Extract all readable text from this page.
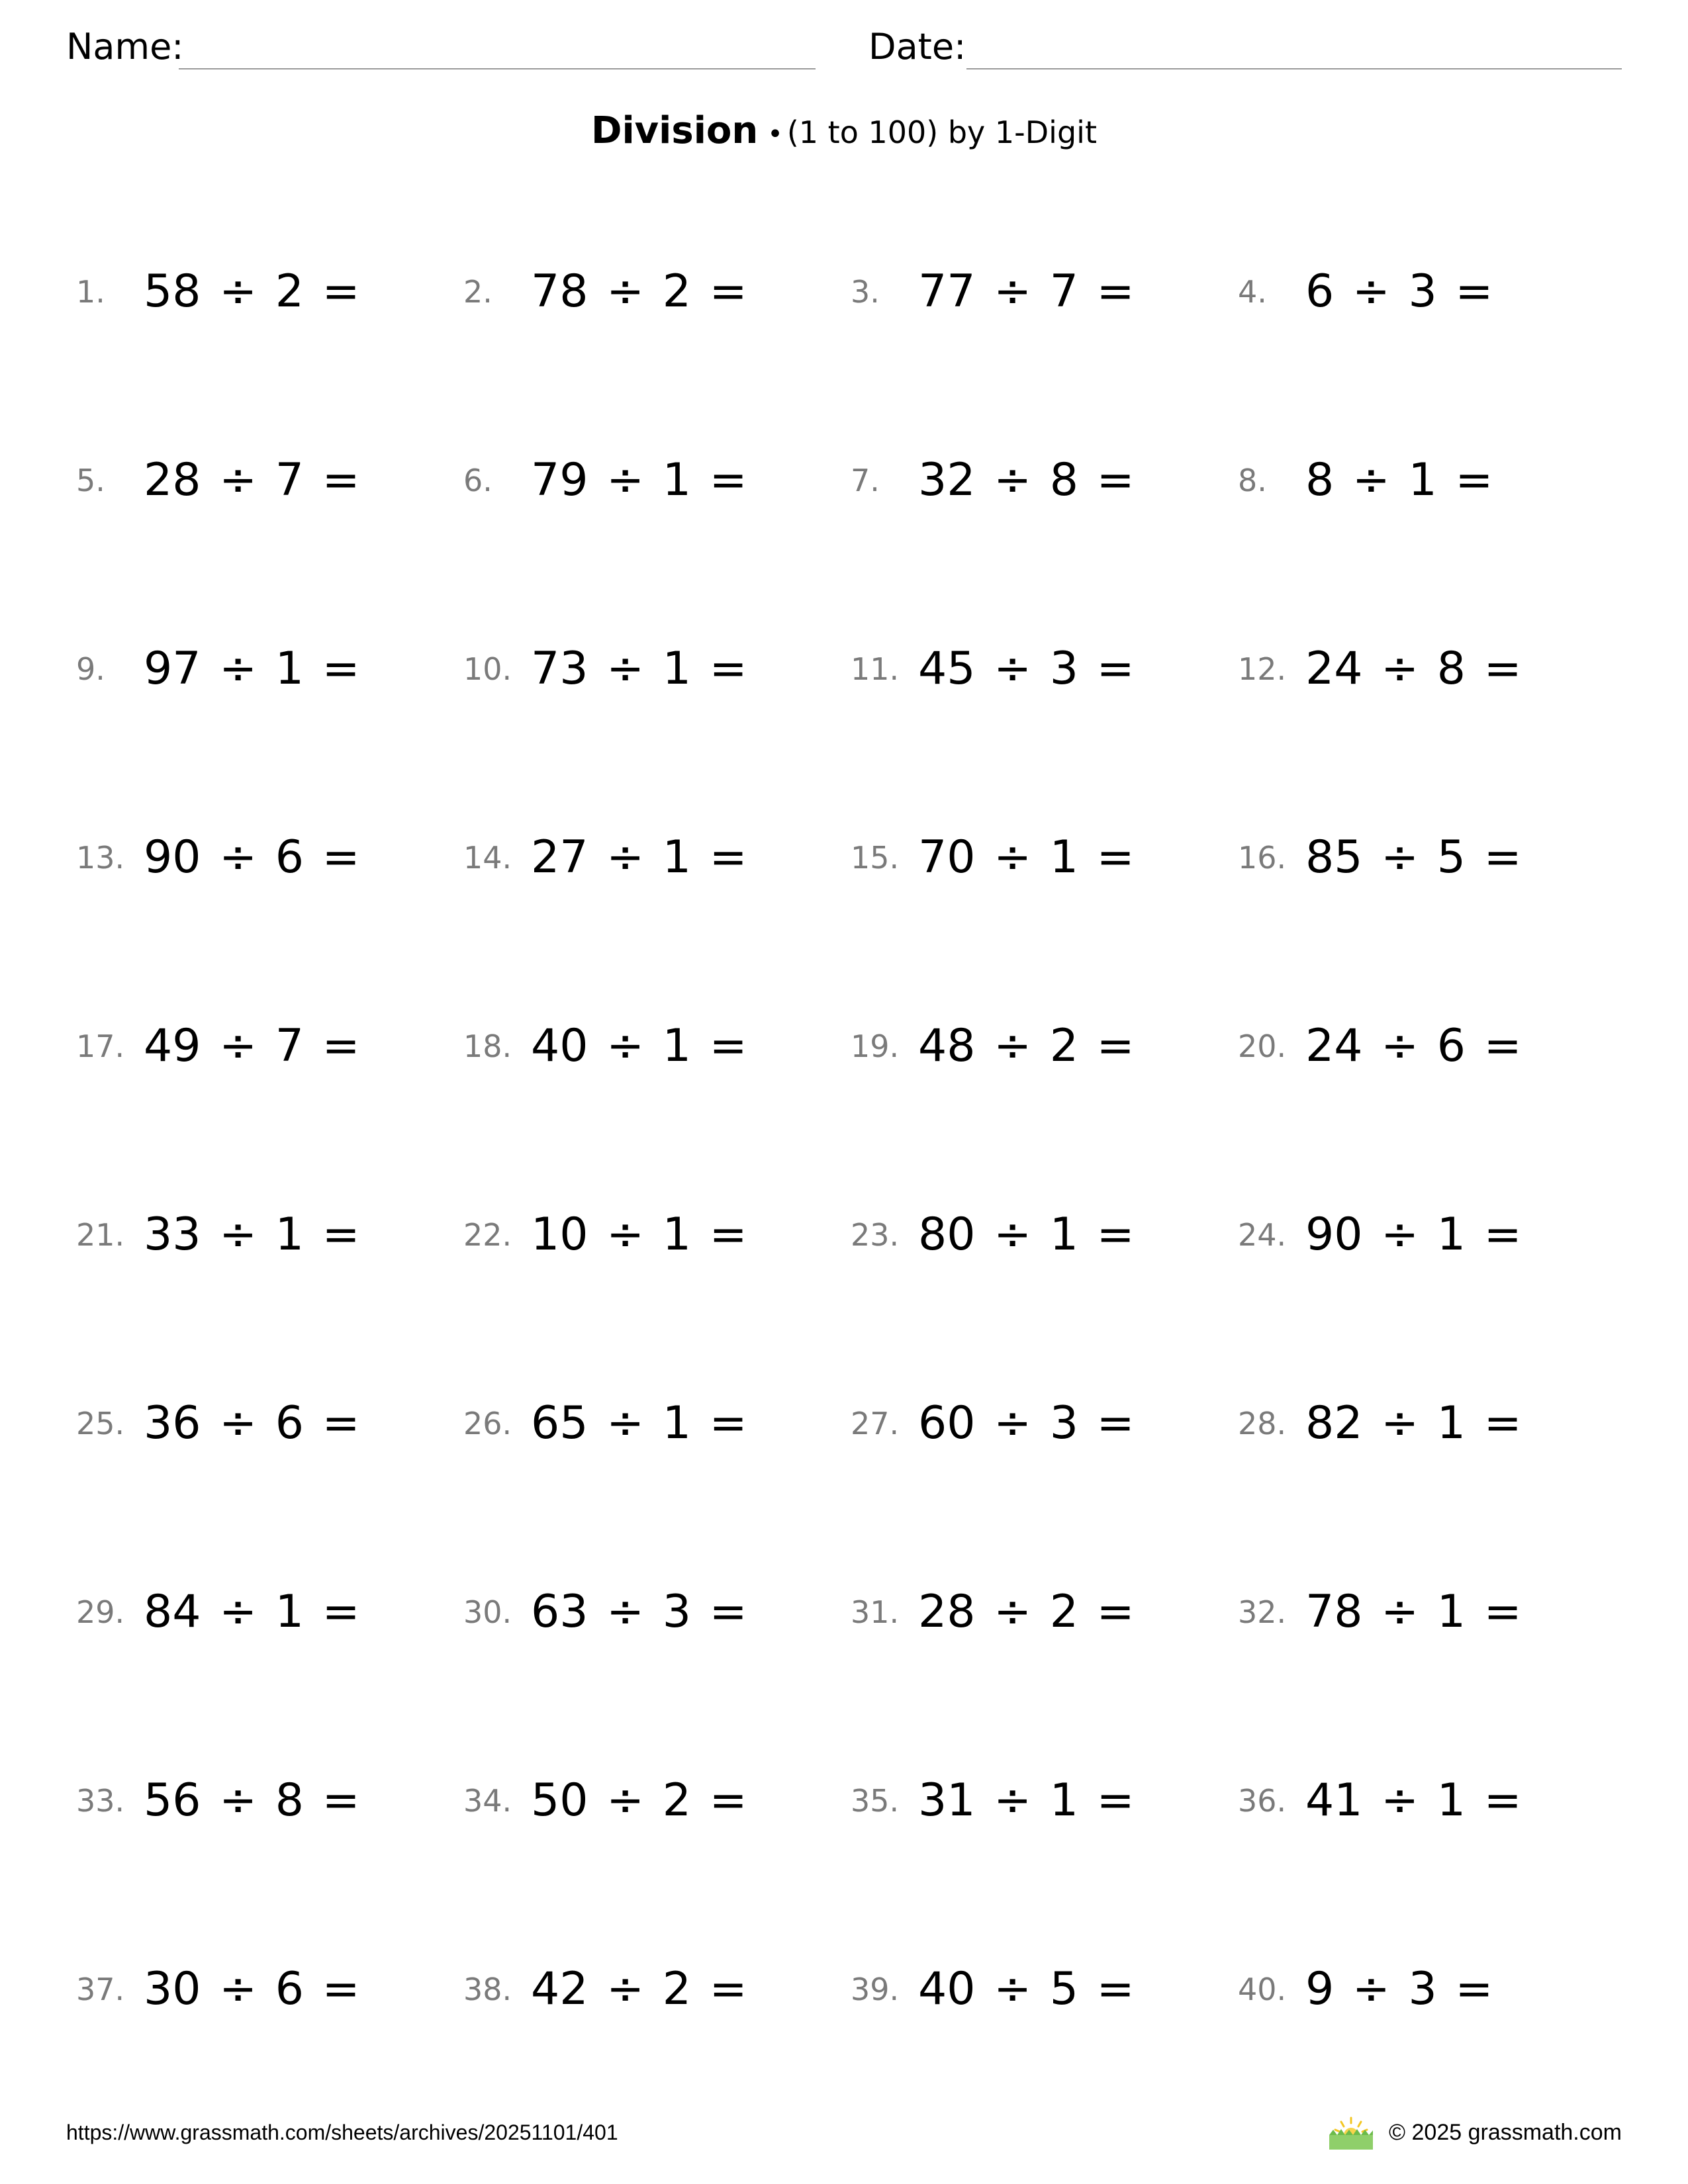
Name:	Date:
Division • (1 to 100) by 1-Digit
1. 58 ÷ 2 =	2. 78 ÷ 2 =	3. 77 ÷ 7 =	4. 6 ÷ 3 =
5. 28 ÷ 7 =	6. 79 ÷ 1 =	7. 32 ÷ 8 =	8. 8 ÷ 1 =
9. 97 ÷ 1 =	10. 73 ÷ 1 =	11. 45 ÷ 3 =	12. 24 ÷ 8 =
13. 90 ÷ 6 =	14. 27 ÷ 1 =	15. 70 ÷ 1 =	16. 85 ÷ 5 =
17. 49 ÷ 7 =	18. 40 ÷ 1 =	19. 48 ÷ 2 =	20. 24 ÷ 6 =
21. 33 ÷ 1 =	22. 10 ÷ 1 =	23. 80 ÷ 1 =	24. 90 ÷ 1 =
25. 36 ÷ 6 =	26. 65 ÷ 1 =	27. 60 ÷ 3 =	28. 82 ÷ 1 =
29. 84 ÷ 1 =	30. 63 ÷ 3 =	31. 28 ÷ 2 =	32. 78 ÷ 1 =
33. 56 ÷ 8 =	34. 50 ÷ 2 =	35. 31 ÷ 1 =	36. 41 ÷ 1 =
37. 30 ÷ 6 =	38. 42 ÷ 2 =	39. 40 ÷ 5 =	40. 9 ÷ 3 =
https://www.grassmath.com/sheets/archives/20251101/401	© 2025 grassmath.com
